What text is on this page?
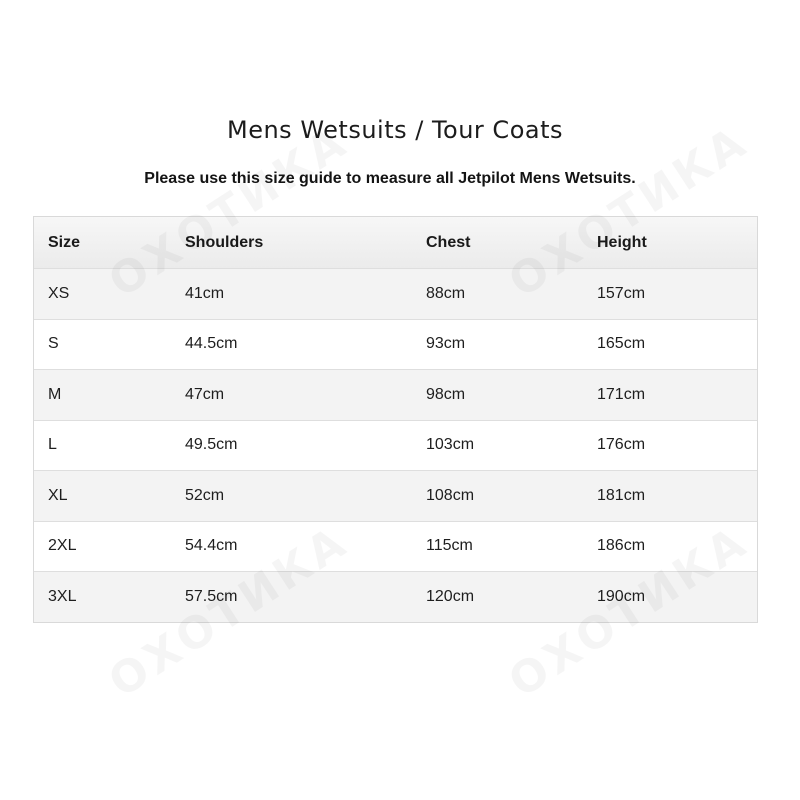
Mens Wetsuits / Tour Coats
Please use this size guide to measure all Jetpilot Mens Wetsuits.
Size	Shoulders	Chest	Height
XS	41cm	88cm	157cm
S	44.5cm	93cm	165cm
M	47cm	98cm	171cm
L	49.5cm	103cm	176cm
XL	52cm	108cm	181cm
2XL	54.4cm	115cm	186cm
3XL	57.5cm	120cm	190cm
